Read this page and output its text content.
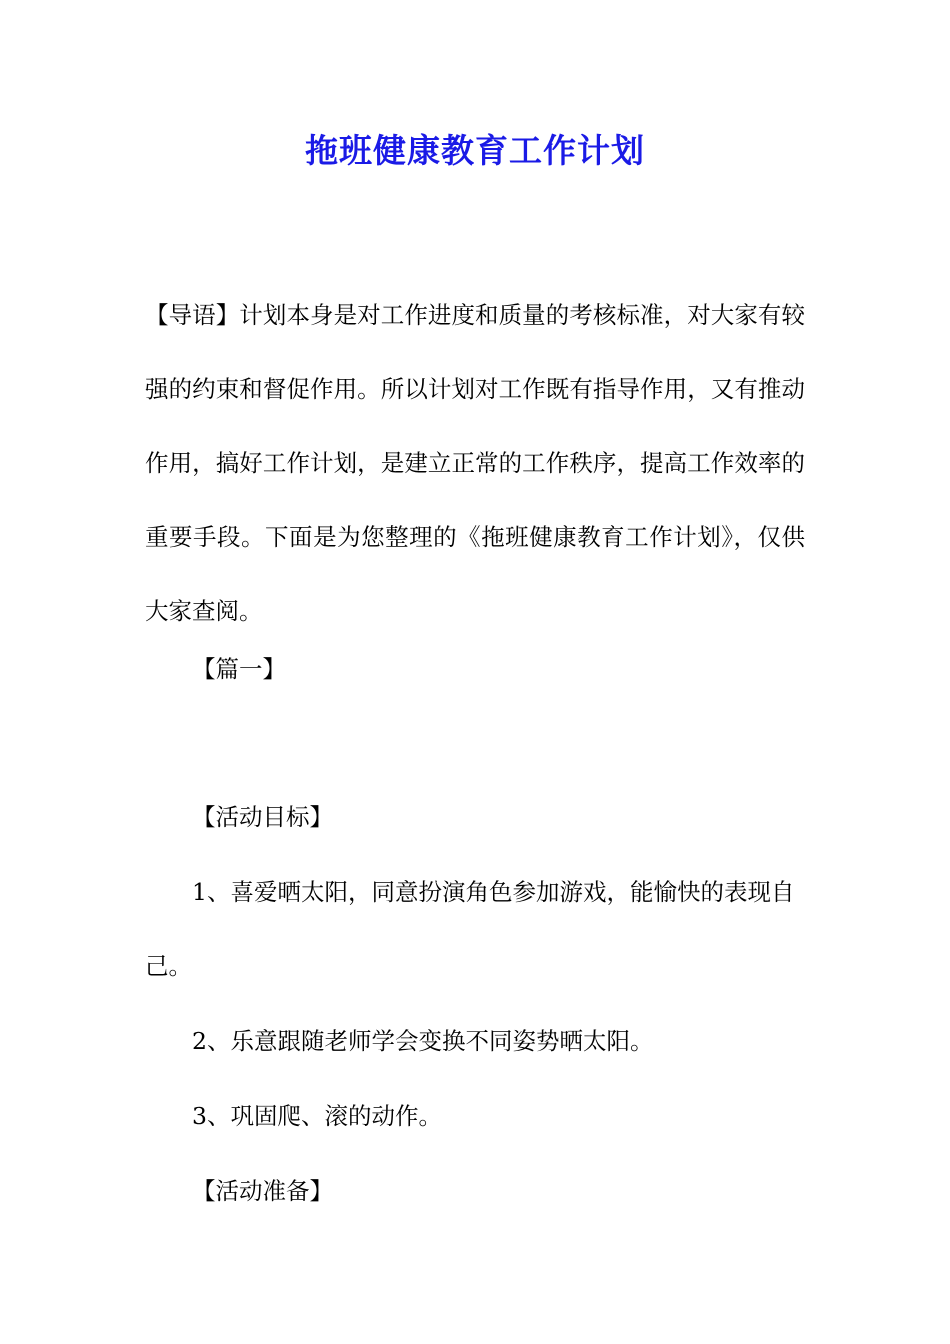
拖班健康教育工作计划
【导语】计划本身是对工作进度和质量的考核标准，对大家有较强的约束和督促作用。所以计划对工作既有指导作用，又有推动作用，搞好工作计划，是建立正常的工作秩序，提高工作效率的重要手段。下面是为您整理的《拖班健康教育工作计划》，仅供大家查阅。
【篇一】
【活动目标】
1、喜爱晒太阳，同意扮演角色参加游戏，能愉快的表现自
己。
2、乐意跟随老师学会变换不同姿势晒太阳。
3、巩固爬、滚的动作。
【活动准备】
